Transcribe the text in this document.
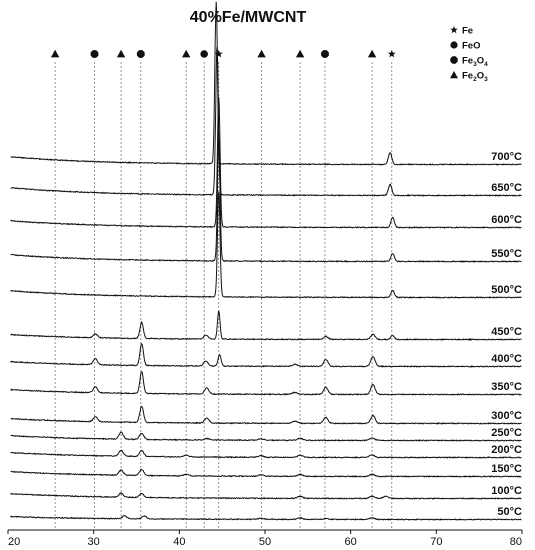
40%Fe/MWCNT
Fe
FeO
$Fe_3O_4$
$Fe_2O_3$
50°C
100°C
150°C
200°C
250°C
300°C
350°C
400°C
450°C
500°C
550°C
600°C
650°C
700°C
20	30	40	50	60	70	80
